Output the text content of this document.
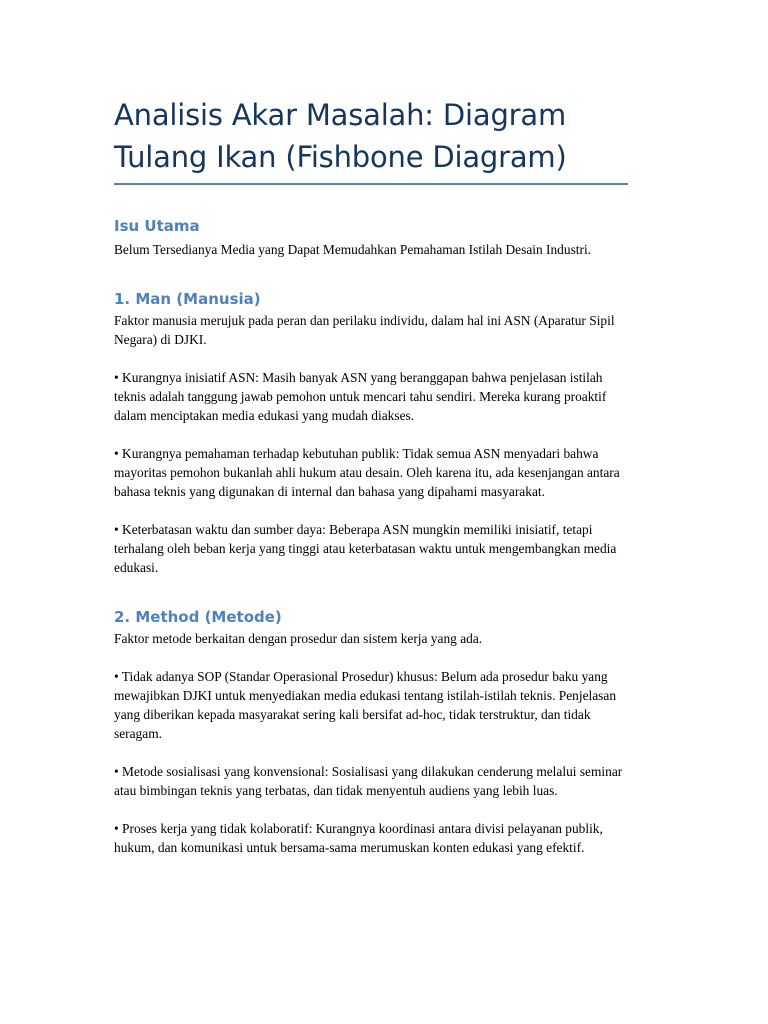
Analisis Akar Masalah: Diagram Tulang Ikan (Fishbone Diagram)
Isu Utama

Belum Tersedianya Media yang Dapat Memudahkan Pemahaman Istilah Desain Industri.

1. Man (Manusia)

Faktor manusia merujuk pada peran dan perilaku individu, dalam hal ini ASN (Aparatur Sipil Negara) di DJKI.

• Kurangnya inisiatif ASN: Masih banyak ASN yang beranggapan bahwa penjelasan istilah teknis adalah tanggung jawab pemohon untuk mencari tahu sendiri. Mereka kurang proaktif dalam menciptakan media edukasi yang mudah diakses.

• Kurangnya pemahaman terhadap kebutuhan publik: Tidak semua ASN menyadari bahwa mayoritas pemohon bukanlah ahli hukum atau desain. Oleh karena itu, ada kesenjangan antara bahasa teknis yang digunakan di internal dan bahasa yang dipahami masyarakat.

• Keterbatasan waktu dan sumber daya: Beberapa ASN mungkin memiliki inisiatif, tetapi terhalang oleh beban kerja yang tinggi atau keterbatasan waktu untuk mengembangkan media edukasi.

2. Method (Metode)

Faktor metode berkaitan dengan prosedur dan sistem kerja yang ada.

• Tidak adanya SOP (Standar Operasional Prosedur) khusus: Belum ada prosedur baku yang mewajibkan DJKI untuk menyediakan media edukasi tentang istilah-istilah teknis. Penjelasan yang diberikan kepada masyarakat sering kali bersifat ad-hoc, tidak terstruktur, dan tidak seragam.

• Metode sosialisasi yang konvensional: Sosialisasi yang dilakukan cenderung melalui seminar atau bimbingan teknis yang terbatas, dan tidak menyentuh audiens yang lebih luas.

• Proses kerja yang tidak kolaboratif: Kurangnya koordinasi antara divisi pelayanan publik, hukum, dan komunikasi untuk bersama-sama merumuskan konten edukasi yang efektif.
